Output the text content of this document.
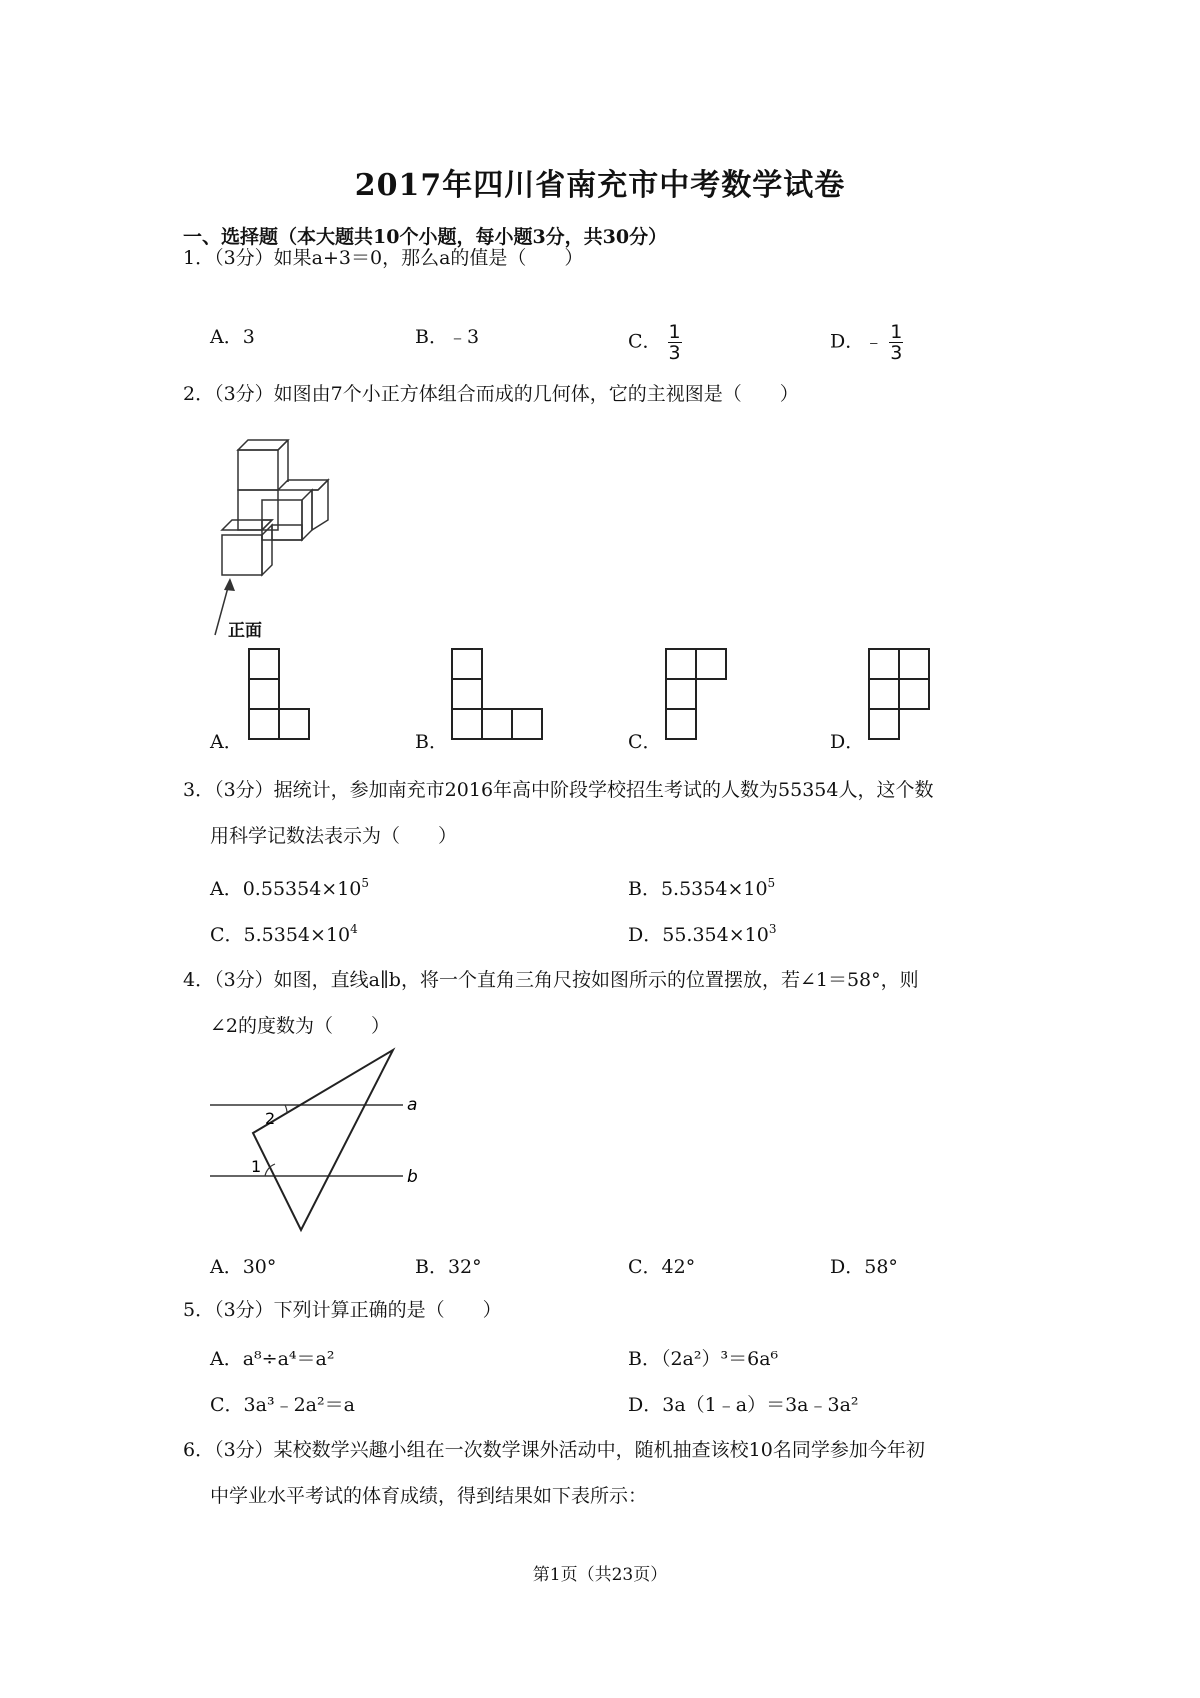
2017年四川省南充市中考数学试卷
一、选择题（本大题共10个小题，每小题3分，共30分）
1．（3分）如果a+3＝0，那么a的值是（　　）
A．3	B．﹣3	C． $\frac{1}{3}$	D．﹣ $\frac{1}{3}$
2．（3分）如图由7个小正方体组合而成的几何体，它的主视图是（　　）
正面
A．	B．	C．	D．
3．（3分）据统计，参加南充市2016年高中阶段学校招生考试的人数为55354人，这个数
用科学记数法表示为（　　）
A．$0.55354\times 10^5$	B．$5.5354\times 10^5$
C．$5.5354\times 10^4$	D．$55.354\times 10^3$
4．（3分）如图，直线a∥b，将一个直角三角尺按如图所示的位置摆放，若∠1＝58°，则
∠2的度数为（　　）
a
b
1
2
A．30°	B．32°	C．42°	D．58°
5．（3分）下列计算正确的是（　　）
A．a⁸÷a⁴＝a²	B．（2a²）³＝6a⁶
C．3a³﹣2a²＝a	D．3a（1﹣a）＝3a﹣3a²
6．（3分）某校数学兴趣小组在一次数学课外活动中，随机抽查该校10名同学参加今年初
中学业水平考试的体育成绩，得到结果如下表所示：
第1页（共23页）
